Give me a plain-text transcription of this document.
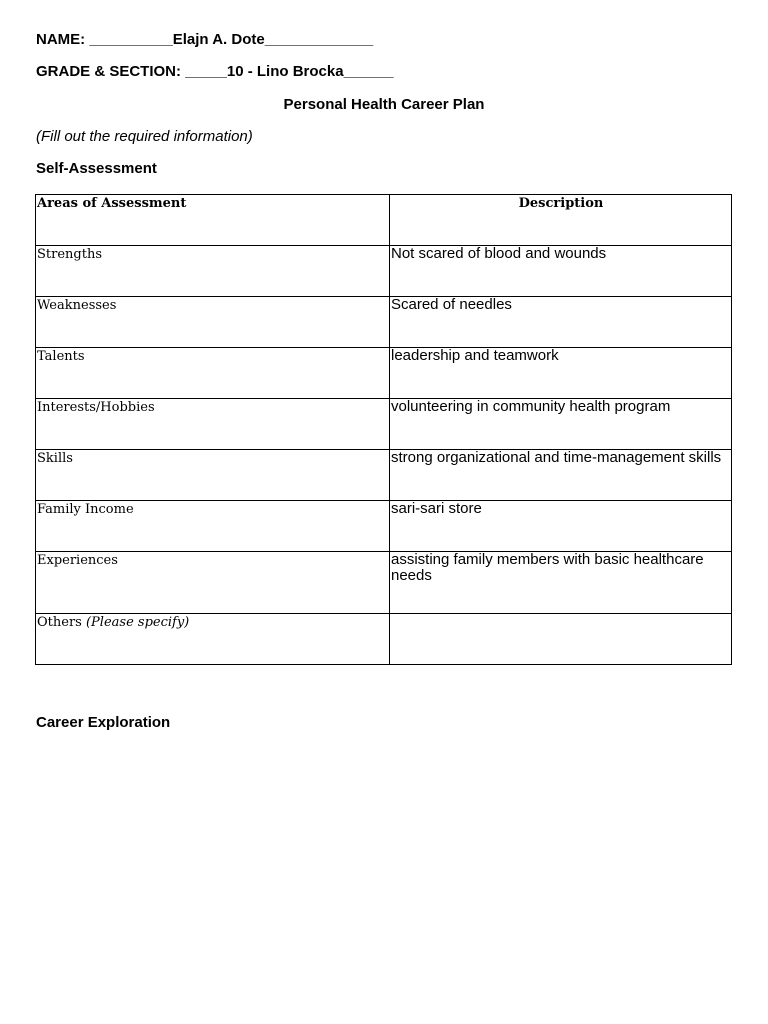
NAME: __________Elajn A. Dote_____________

GRADE & SECTION: _____10 - Lino Brocka______

Personal Health Career Plan

(Fill out the required information)

Self-Assessment

Areas of Assessment	Description

Strengths	Not scared of blood and wounds
Weaknesses	Scared of needles
Talents	leadership and teamwork
Interests/Hobbies	volunteering in community health program
Skills	strong organizational and time-management skills
Family Income	sari-sari store
Experiences	assisting family members with basic healthcare needs
Others (Please specify)	

Career Exploration
